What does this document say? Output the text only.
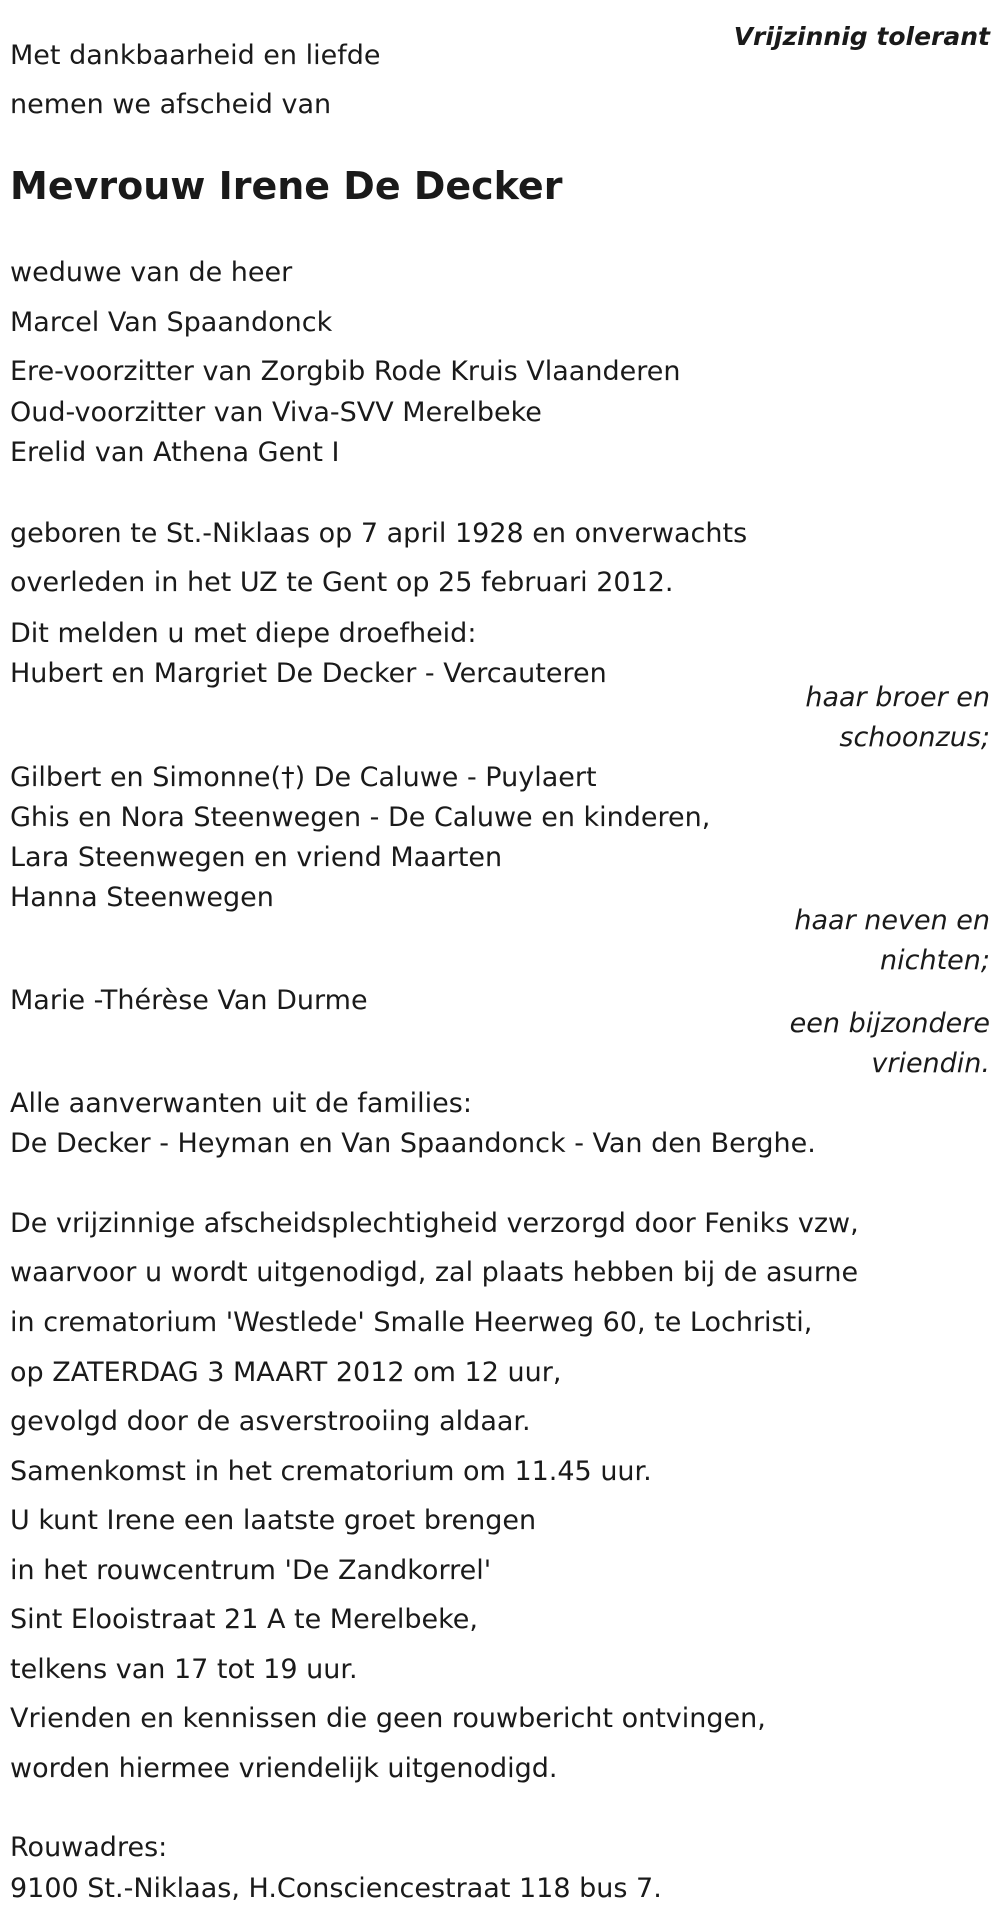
Vrijzinnig tolerant
Met dankbaarheid en liefde
nemen we afscheid van
Mevrouw Irene De Decker
weduwe van de heer
Marcel Van Spaandonck
Ere-voorzitter van Zorgbib Rode Kruis Vlaanderen
Oud-voorzitter van Viva-SVV Merelbeke
Erelid van Athena Gent I
geboren te St.-Niklaas op 7 april 1928 en onverwachts
overleden in het UZ te Gent op 25 februari 2012.
Dit melden u met diepe droefheid:
Hubert en Margriet De Decker - Vercauteren
haar broer en
schoonzus;
Gilbert en Simonne(†) De Caluwe - Puylaert
Ghis en Nora Steenwegen - De Caluwe en kinderen,
Lara Steenwegen en vriend Maarten
Hanna Steenwegen
haar neven en
nichten;
Marie -Thérèse Van Durme
een bijzondere
vriendin.
Alle aanverwanten uit de families:
De Decker - Heyman en Van Spaandonck - Van den Berghe.
De vrijzinnige afscheidsplechtigheid verzorgd door Feniks vzw,
waarvoor u wordt uitgenodigd, zal plaats hebben bij de asurne
in crematorium 'Westlede' Smalle Heerweg 60, te Lochristi,
op ZATERDAG 3 MAART 2012 om 12 uur,
gevolgd door de asverstrooiing aldaar.
Samenkomst in het crematorium om 11.45 uur.
U kunt Irene een laatste groet brengen
in het rouwcentrum 'De Zandkorrel'
Sint Elooistraat 21 A te Merelbeke,
telkens van 17 tot 19 uur.
Vrienden en kennissen die geen rouwbericht ontvingen,
worden hiermee vriendelijk uitgenodigd.
Rouwadres:
9100 St.-Niklaas, H.Consciencestraat 118 bus 7.
